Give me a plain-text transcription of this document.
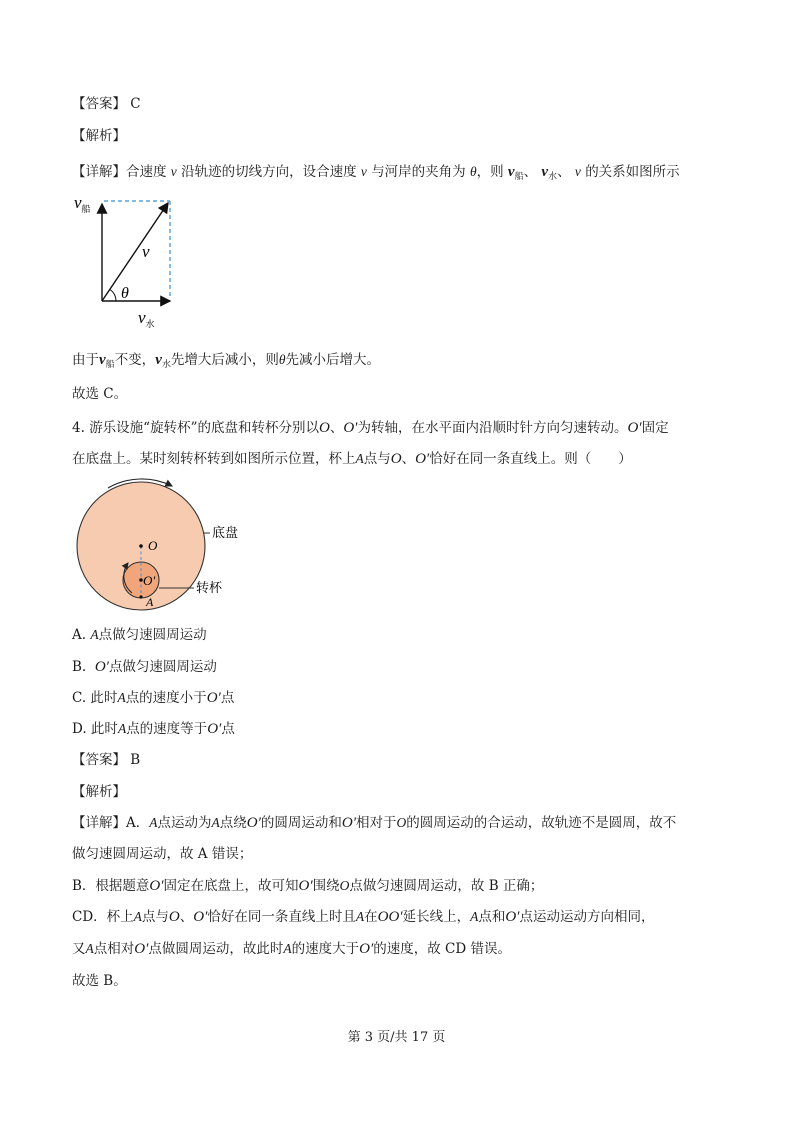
【答案】 C
【解析】
【详解】合速度 v 沿轨迹的切线方向，设合速度 v 与河岸的夹角为 θ，则 $v_船$、 $v_水$、 v 的关系如图所示
$v_船$
v
θ
$v_水$
由于$v_船$不变，$v_水$先增大后减小，则θ先减小后增大。
故选 C。
4. 游乐设施“旋转杯”的底盘和转杯分别以O、O′为转轴，在水平面内沿顺时针方向匀速转动。O′固定
在底盘上。某时刻转杯转到如图所示位置，杯上A点与O、O′恰好在同一条直线上。则（　　）
O
O'
A
底盘
转杯
A. A点做匀速圆周运动
B. O′点做匀速圆周运动
C. 此时A点的速度小于O′点
D. 此时A点的速度等于O′点
【答案】 B
【解析】
【详解】A．A点运动为A点绕O′的圆周运动和O′相对于O的圆周运动的合运动，故轨迹不是圆周，故不
做匀速圆周运动，故 A 错误；
B．根据题意O′固定在底盘上，故可知O′围绕O点做匀速圆周运动，故 B 正确；
CD．杯上A点与O、O′恰好在同一条直线上时且A在OO′延长线上，A点和O′点运动运动方向相同，
又A点相对O′点做圆周运动，故此时A的速度大于O′的速度，故 CD 错误。
故选 B。
第 3 页/共 17 页
